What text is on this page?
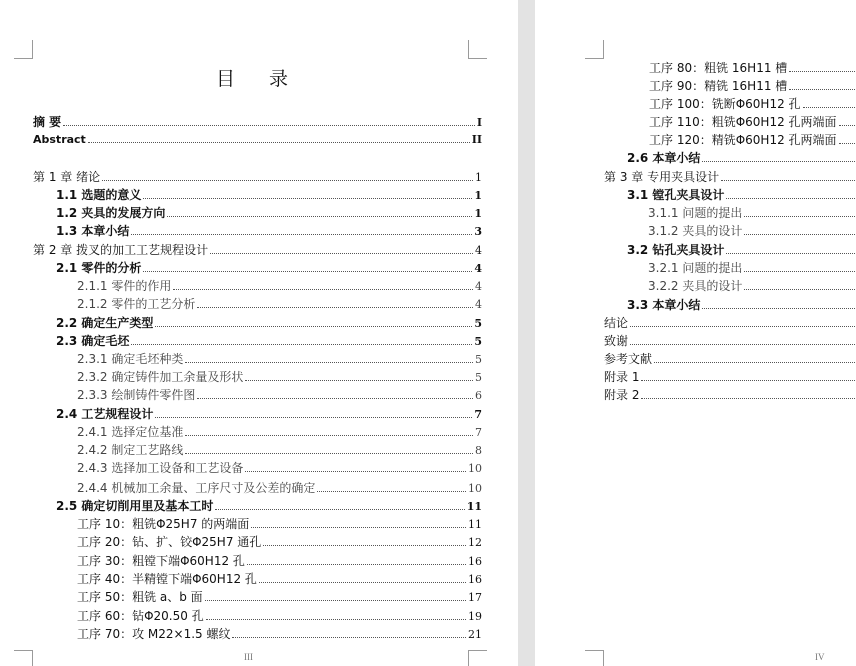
目 录
摘 要	I
Abstract	II
第 1 章 绪论	1
1.1 选题的意义	1
1.2 夹具的发展方向	1
1.3 本章小结	3
第 2 章 拨叉的加工工艺规程设计	4
2.1 零件的分析	4
2.1.1 零件的作用	4
2.1.2 零件的工艺分析	4
2.2 确定生产类型	5
2.3 确定毛坯	5
2.3.1 确定毛坯种类	5
2.3.2 确定铸件加工余量及形状	5
2.3.3 绘制铸件零件图	6
2.4 工艺规程设计	7
2.4.1 选择定位基准	7
2.4.2 制定工艺路线	8
2.4.3 选择加工设备和工艺设备	10
2.4.4 机械加工余量、工序尺寸及公差的确定	10
2.5 确定切削用里及基本工时	11
工序 10：粗铣Φ25H7 的两端面	11
工序 20：钻、扩、铰Φ25H7 通孔	12
工序 30：粗镗下端Φ60H12 孔	16
工序 40：半精镗下端Φ60H12 孔	16
工序 50：粗铣 a、b 面	17
工序 60：钻Φ20.50 孔	19
工序 70：攻 M22×1.5 螺纹	21
III
工序 80：粗铣 16H11 槽
工序 90：精铣 16H11 槽
工序 100：铣断Φ60H12 孔
工序 110：粗铣Φ60H12 孔两端面
工序 120：精铣Φ60H12 孔两端面
2.6 本章小结
第 3 章 专用夹具设计
3.1 镗孔夹具设计
3.1.1 问题的提出
3.1.2 夹具的设计
3.2 钻孔夹具设计
3.2.1 问题的提出
3.2.2 夹具的设计
3.3 本章小结
结论
致谢
参考文献
附录 1
附录 2
IV
